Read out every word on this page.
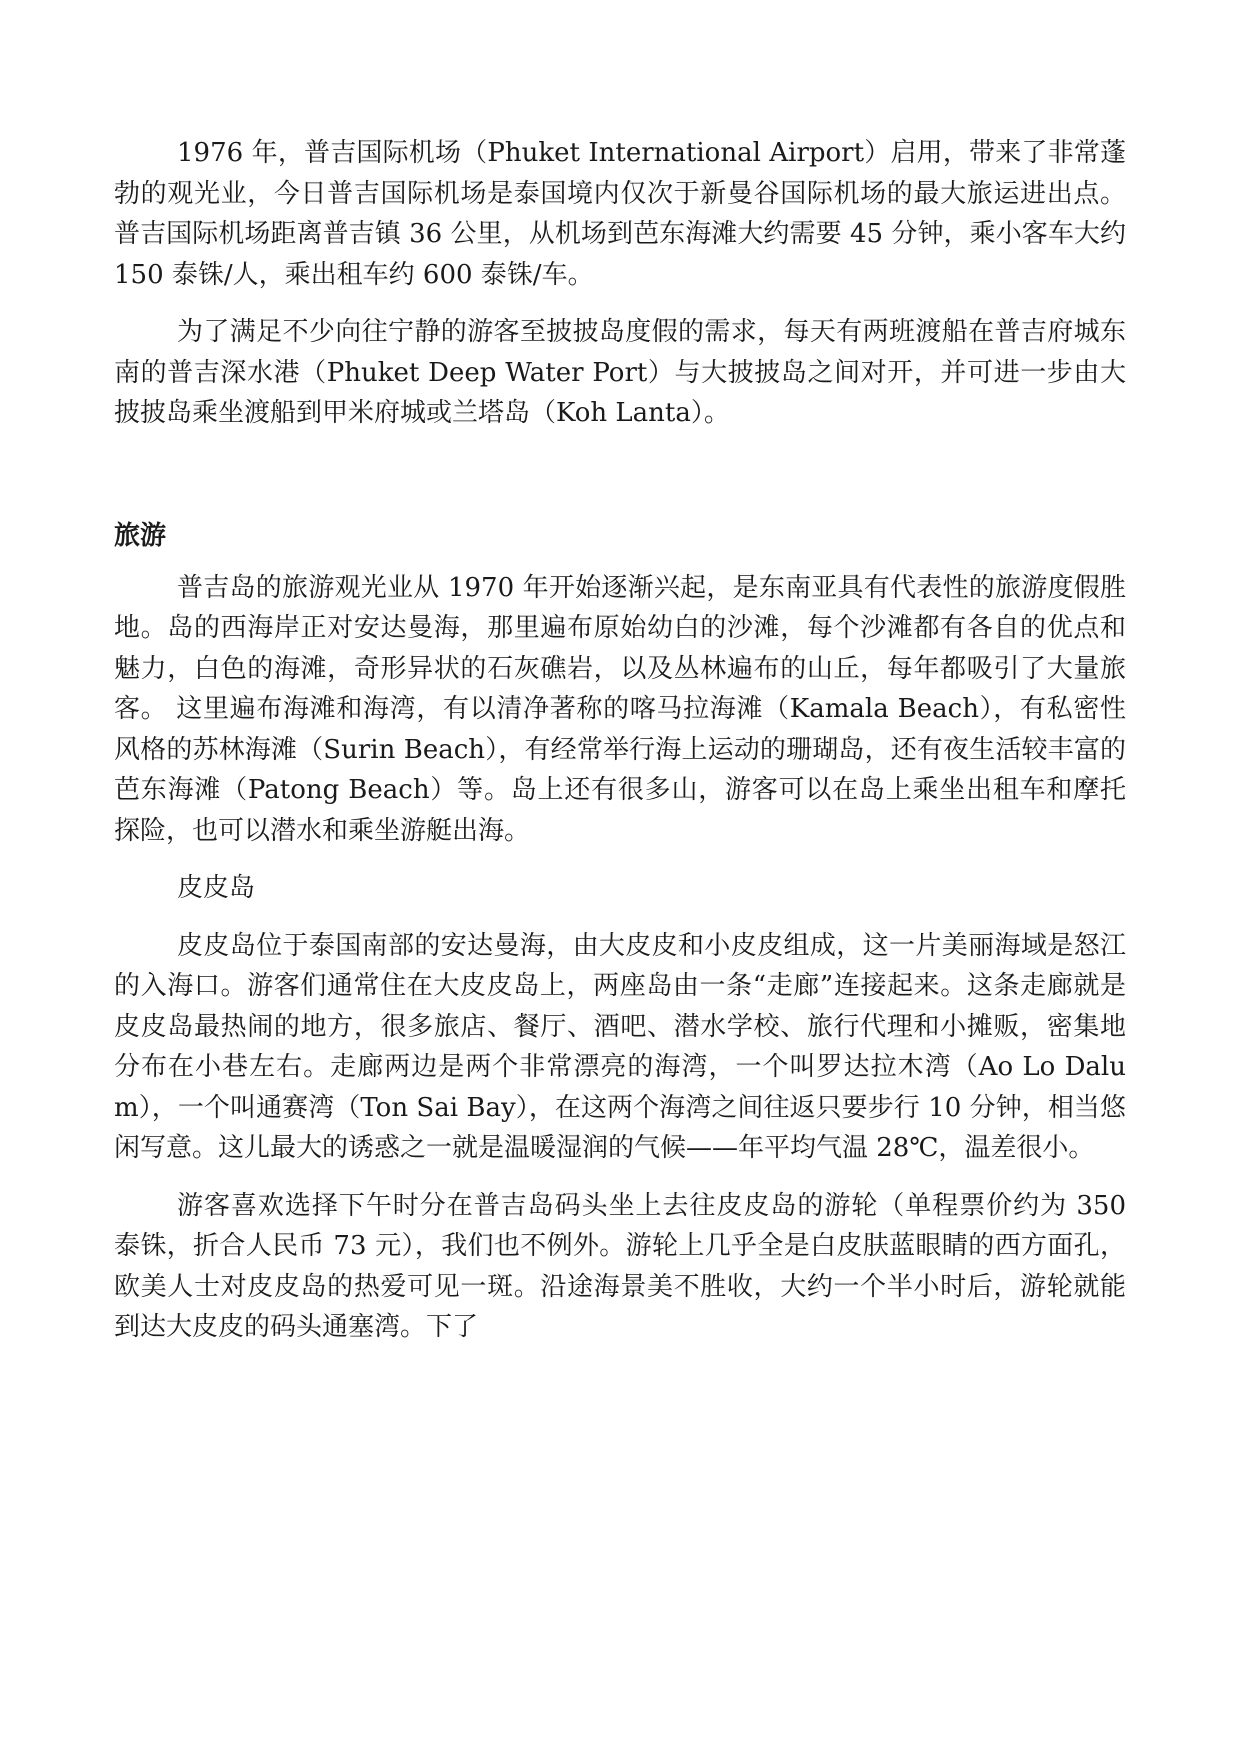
1976 年，普吉国际机场（Phuket International Airport）启用，带来了非常蓬勃的观光业，今日普吉国际机场是泰国境内仅次于新曼谷国际机场的最大旅运进出点。 普吉国际机场距离普吉镇 36 公里，从机场到芭东海滩大约需要 45 分钟，乘小客车大约 150 泰铢/人，乘出租车约 600 泰铢/车。

为了满足不少向往宁静的游客至披披岛度假的需求，每天有两班渡船在普吉府城东南的普吉深水港（Phuket Deep Water Port）与大披披岛之间对开，并可进一步由大披披岛乘坐渡船到甲米府城或兰塔岛（Koh Lanta）。

旅游

普吉岛的旅游观光业从 1970 年开始逐渐兴起，是东南亚具有代表性的旅游度假胜地。岛的西海岸正对安达曼海，那里遍布原始幼白的沙滩，每个沙滩都有各自的优点和魅力，白色的海滩，奇形异状的石灰礁岩，以及丛林遍布的山丘，每年都吸引了大量旅客。 这里遍布海滩和海湾，有以清净著称的喀马拉海滩（Kamala Beach），有私密性风格的苏林海滩（Surin Beach），有经常举行海上运动的珊瑚岛，还有夜生活较丰富的芭东海滩（Patong Beach）等。岛上还有很多山，游客可以在岛上乘坐出租车和摩托探险，也可以潜水和乘坐游艇出海。

皮皮岛

皮皮岛位于泰国南部的安达曼海，由大皮皮和小皮皮组成，这一片美丽海域是怒江的入海口。游客们通常住在大皮皮岛上，两座岛由一条“走廊”连接起来。这条走廊就是皮皮岛最热闹的地方，很多旅店、餐厅、酒吧、潜水学校、旅行代理和小摊贩，密集地分布在小巷左右。走廊两边是两个非常漂亮的海湾，一个叫罗达拉木湾（Ao Lo Dalum），一个叫通赛湾（Ton Sai Bay），在这两个海湾之间往返只要步行 10 分钟，相当悠闲写意。这儿最大的诱惑之一就是温暖湿润的气候——年平均气温 28℃，温差很小。

游客喜欢选择下午时分在普吉岛码头坐上去往皮皮岛的游轮（单程票价约为 350 泰铢，折合人民币 73 元），我们也不例外。游轮上几乎全是白皮肤蓝眼睛的西方面孔，欧美人士对皮皮岛的热爱可见一斑。沿途海景美不胜收，大约一个半小时后，游轮就能到达大皮皮的码头通塞湾。下了
